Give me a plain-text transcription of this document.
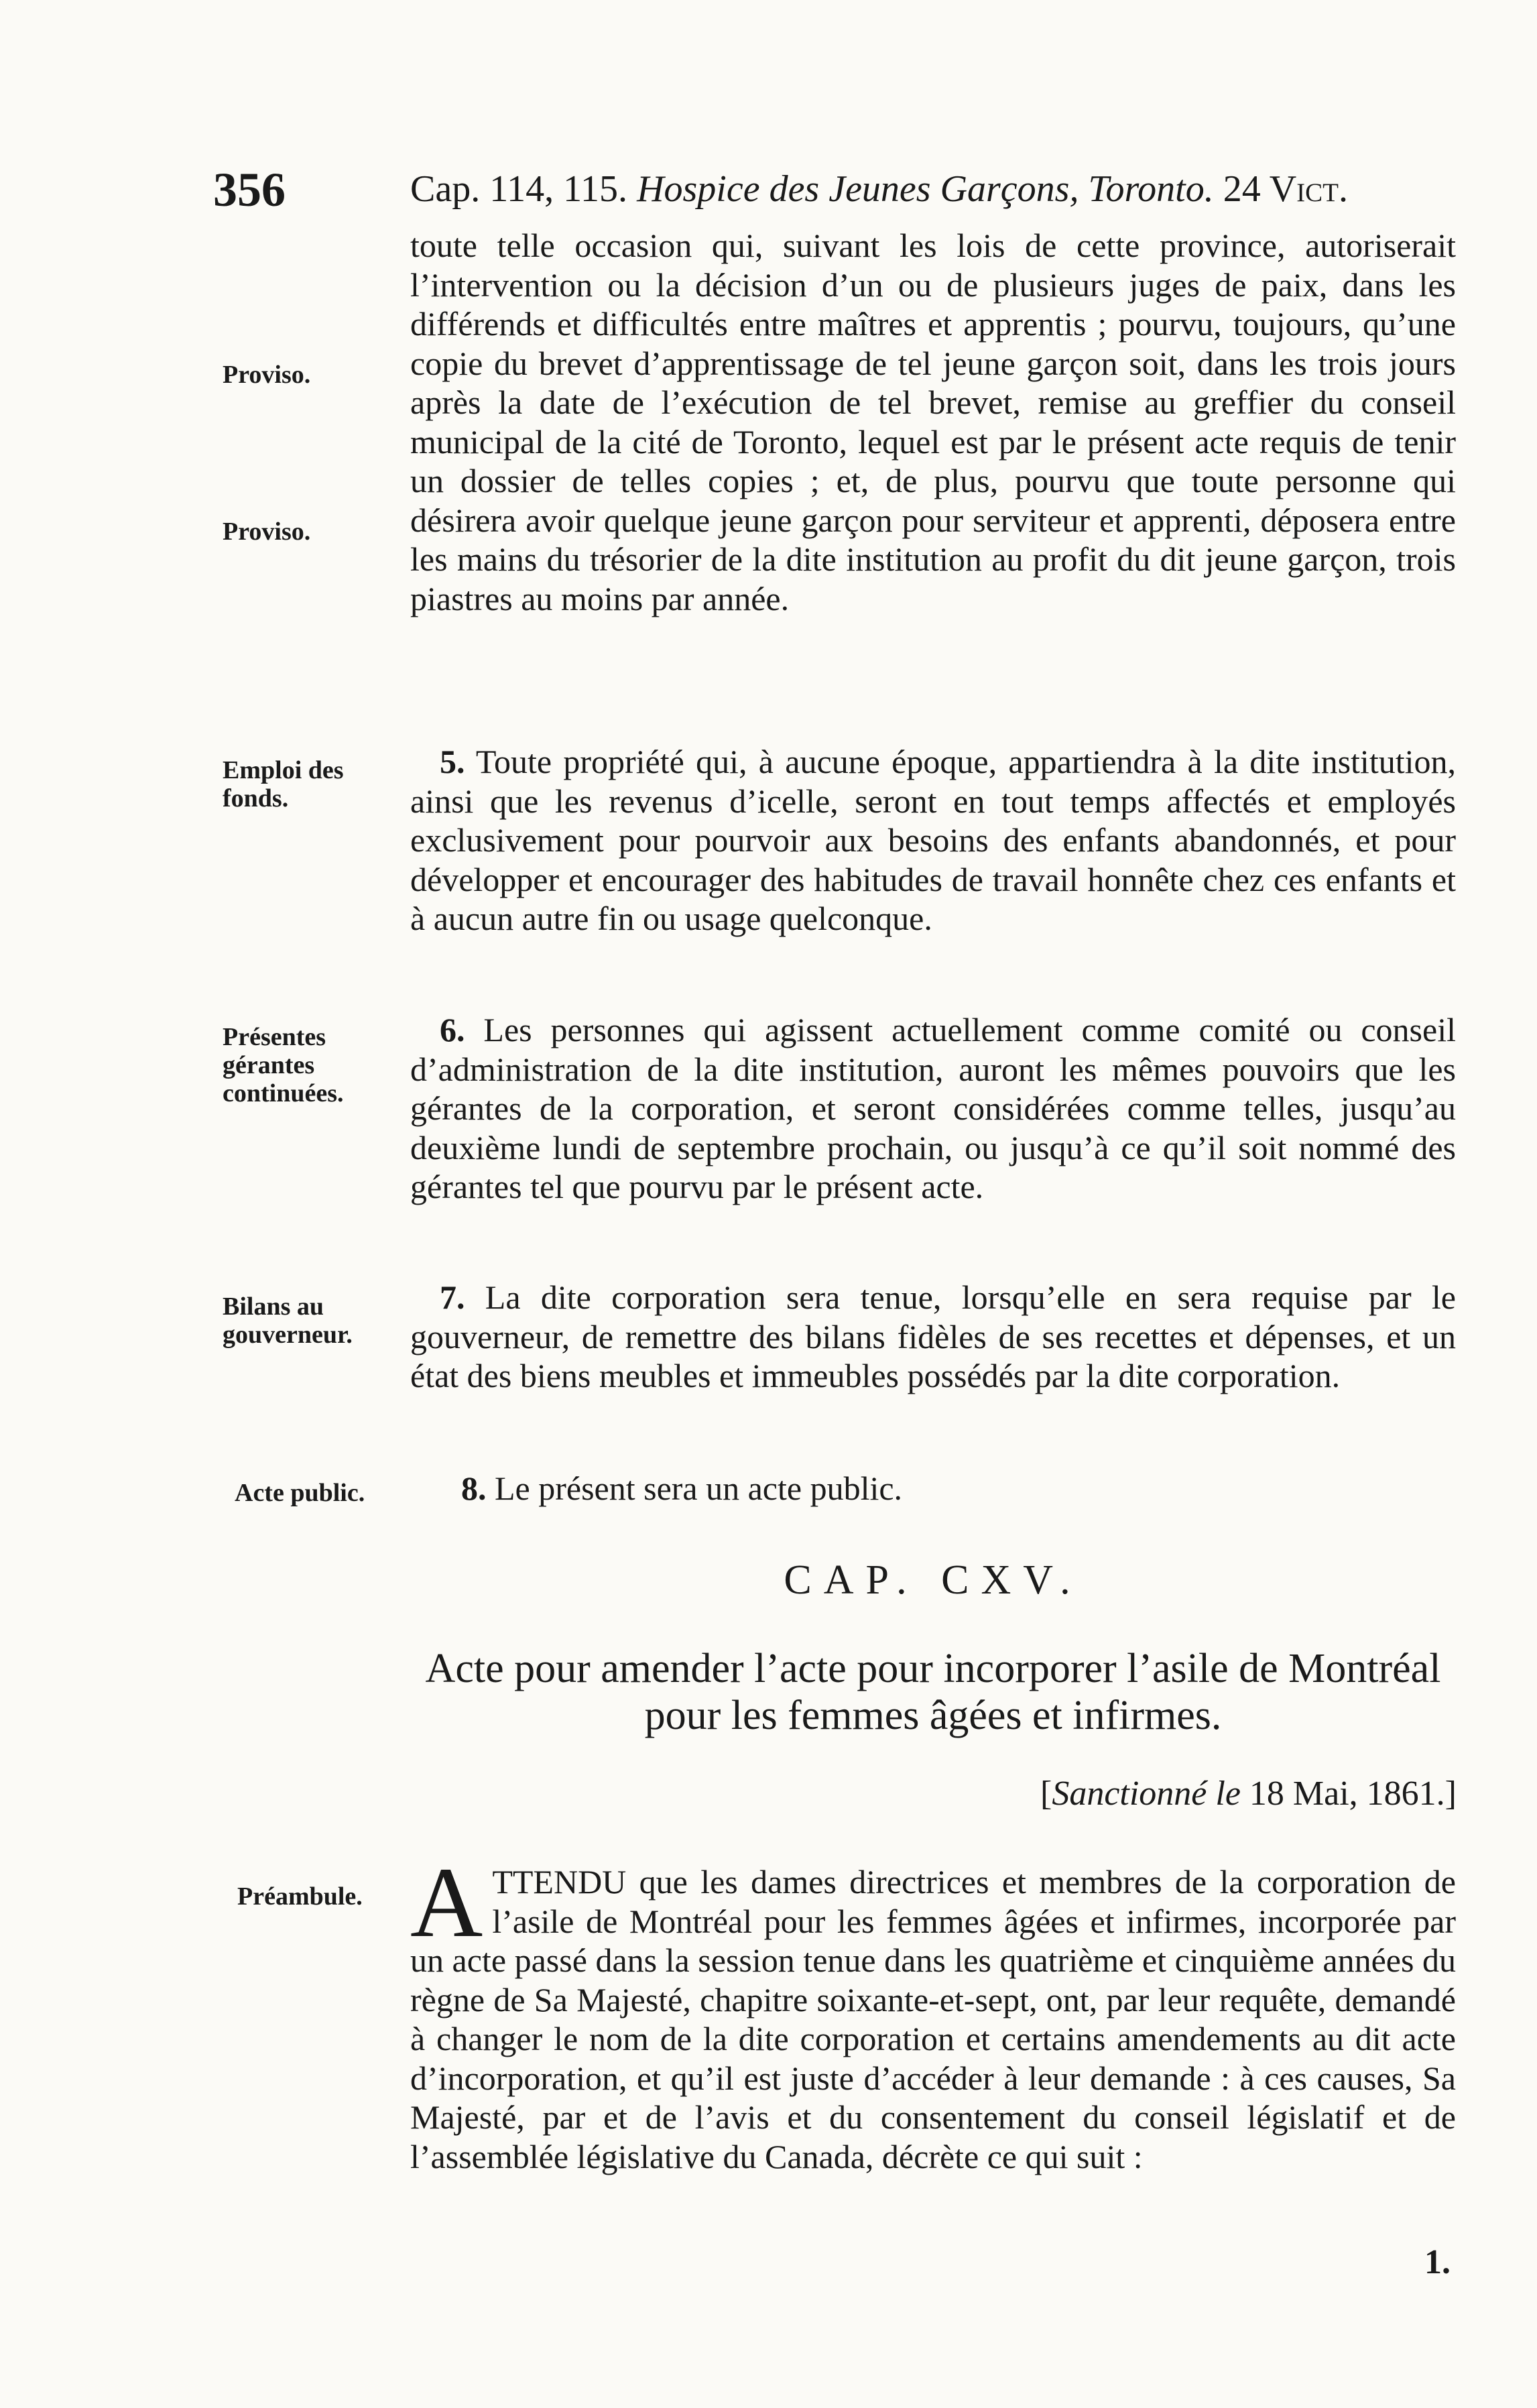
356	Cap. 114, 115. Hospice des Jeunes Garçons, Toronto. 24 Vict.
Proviso.
Proviso.

toute telle occasion qui, suivant les lois de cette province, autoriserait l’intervention ou la décision d’un ou de plusieurs juges de paix, dans les différends et difficultés entre maîtres et apprentis ; pourvu, toujours, qu’une copie du brevet d’apprentissage de tel jeune garçon soit, dans les trois jours après la date de l’exécution de tel brevet, remise au greffier du conseil municipal de la cité de Toronto, lequel est par le présent acte requis de tenir un dossier de telles copies ; et, de plus, pourvu que toute personne qui désirera avoir quelque jeune garçon pour serviteur et apprenti, déposera entre les mains du trésorier de la dite institution au profit du dit jeune garçon, trois piastres au moins par année.

Emploi des fonds.

5. Toute propriété qui, à aucune époque, appartiendra à la dite institution, ainsi que les revenus d’icelle, seront en tout temps affectés et employés exclusivement pour pourvoir aux besoins des enfants abandonnés, et pour développer et encourager des habitudes de travail honnête chez ces enfants et à aucun autre fin ou usage quelconque.

Présentes gérantes continuées.

6. Les personnes qui agissent actuellement comme comité ou conseil d’administration de la dite institution, auront les mêmes pouvoirs que les gérantes de la corporation, et seront considérées comme telles, jusqu’au deuxième lundi de septembre prochain, ou jusqu’à ce qu’il soit nommé des gérantes tel que pourvu par le présent acte.

Bilans au gouverneur.

7. La dite corporation sera tenue, lorsqu’elle en sera requise par le gouverneur, de remettre des bilans fidèles de ses recettes et dépenses, et un état des biens meubles et immeubles possédés par la dite corporation.

Acte public.	8. Le présent sera un acte public.

CAP. CXV.
Acte pour amender l’acte pour incorporer l’asile de Montréal pour les femmes âgées et infirmes.
[Sanctionné le 18 Mai, 1861.]
Préambule. ATTENDU que les dames directrices et membres de la corporation de l’asile de Montréal pour les femmes âgées et infirmes, incorporée par un acte passé dans la session tenue dans les quatrième et cinquième années du règne de Sa Majesté, chapitre soixante-et-sept, ont, par leur requête, demandé à changer le nom de la dite corporation et certains amendements au dit acte d’incorporation, et qu’il est juste d’accéder à leur demande : à ces causes, Sa Majesté, par et de l’avis et du consentement du conseil législatif et de l’assemblée législative du Canada, décrète ce qui suit :

1.
